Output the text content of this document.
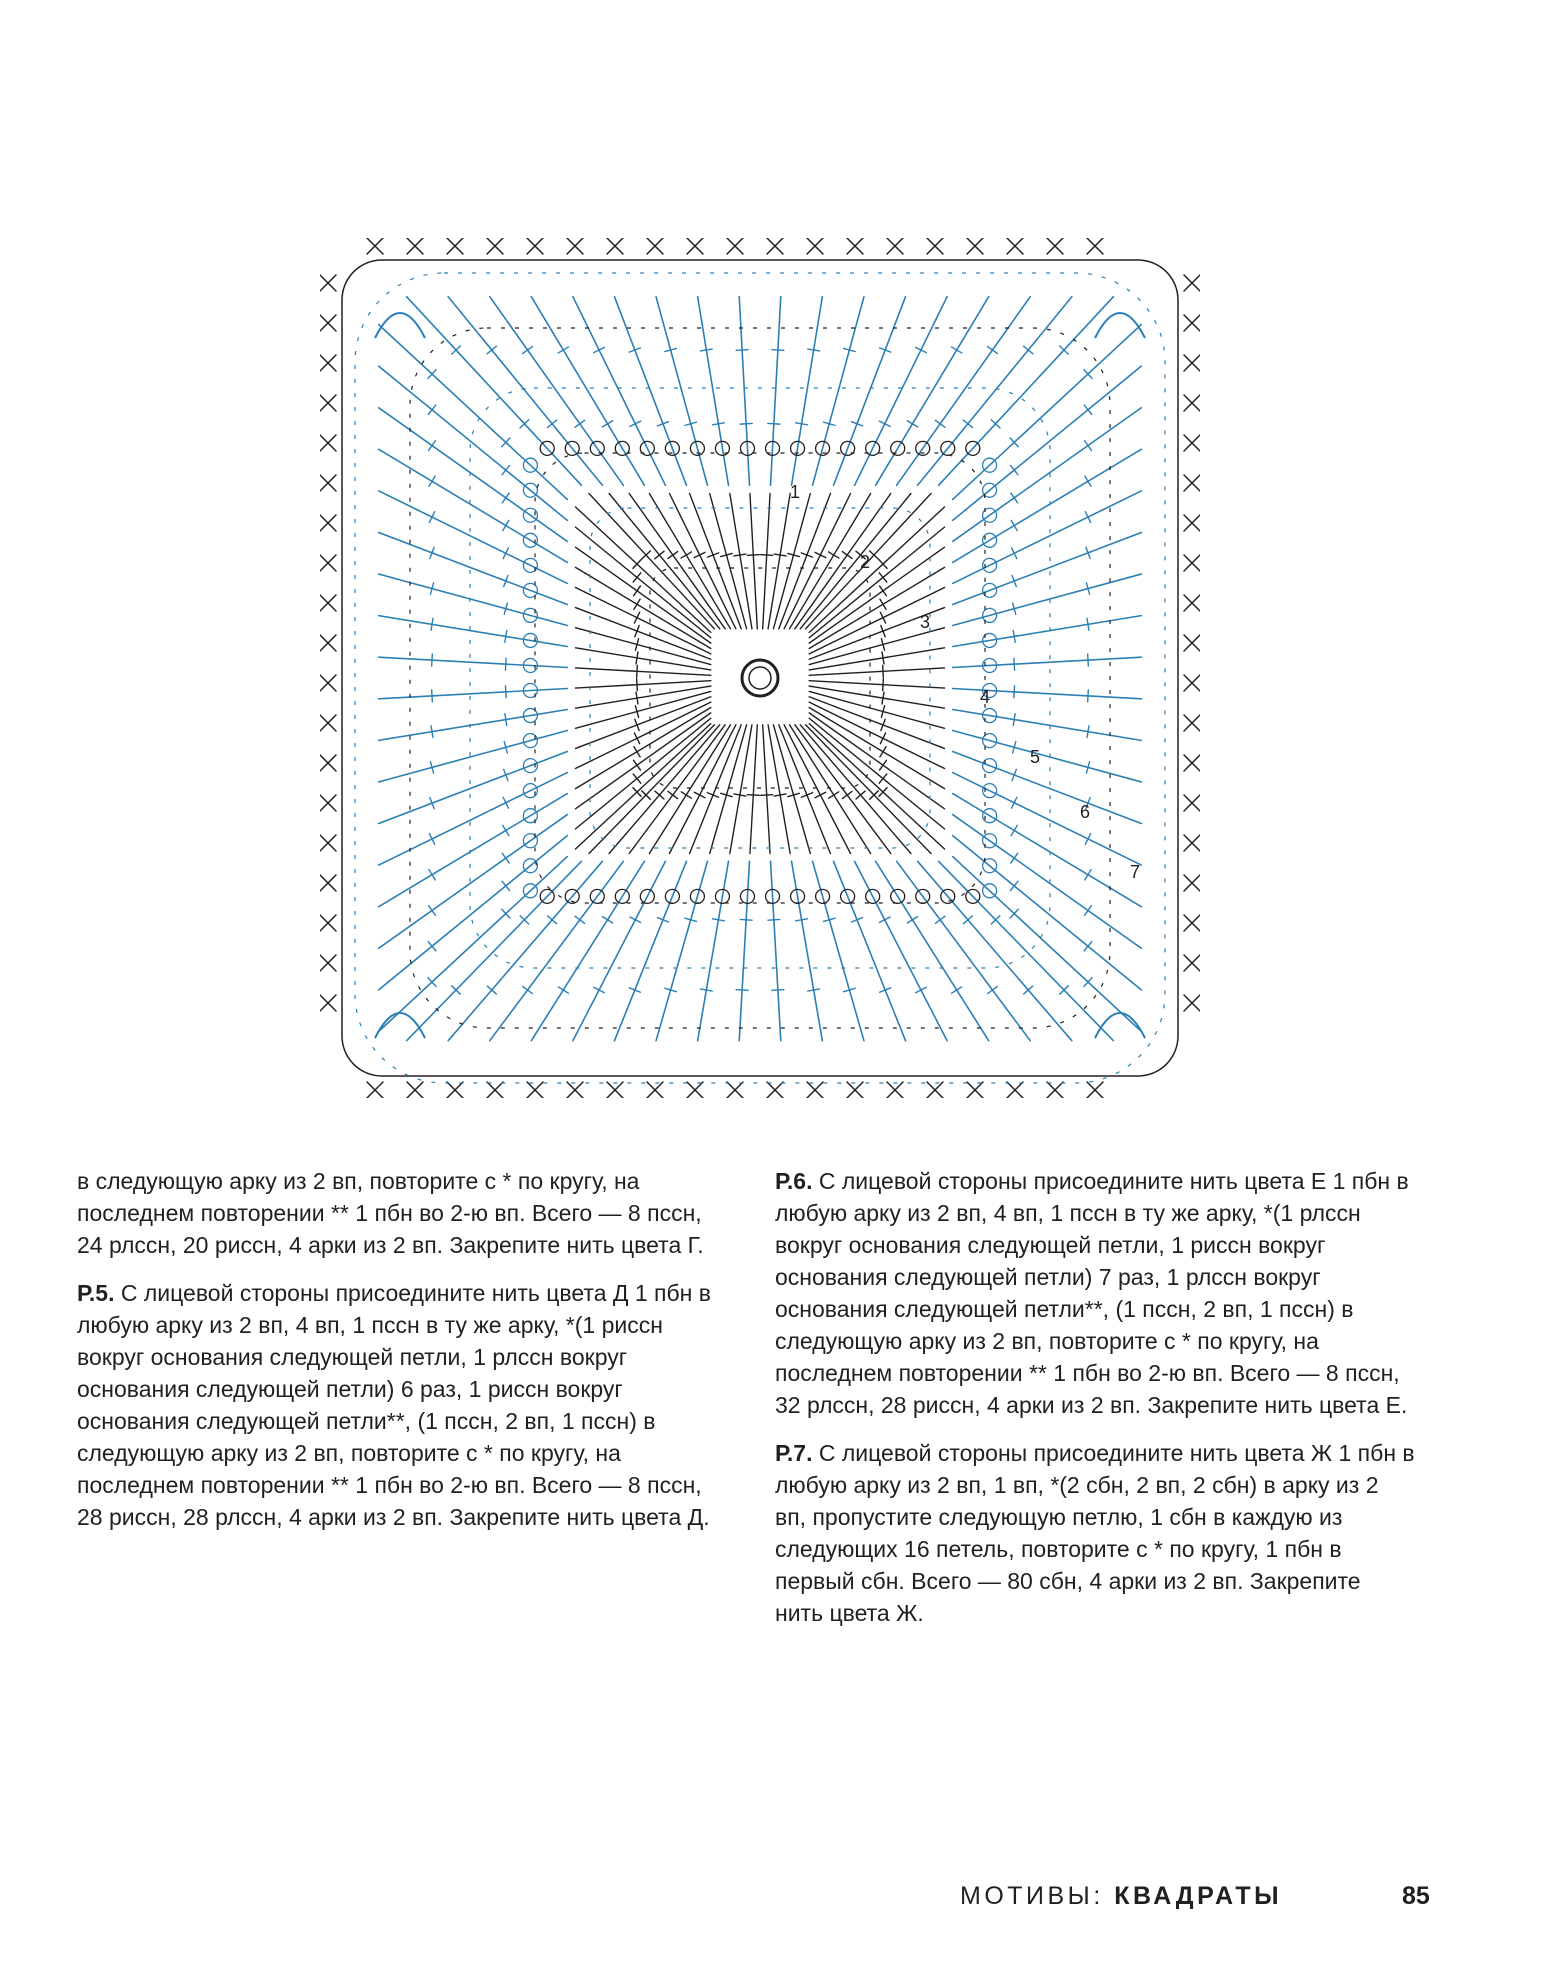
1
2
3
4
5
6
7

в следующую арку из 2 вп, повторите с * по кругу, на последнем повторении ** 1 пбн во 2-ю вп. Всего — 8 пссн, 24 рлссн, 20 риссн, 4 арки из 2 вп. Закрепите нить цвета Г.

Р.5. С лицевой стороны присоедините нить цвета Д 1 пбн в любую арку из 2 вп, 4 вп, 1 пссн в ту же арку, *(1 риссн вокруг основания следующей петли, 1 рлссн вокруг основания следующей петли) 6 раз, 1 риссн вокруг основания следующей петли**, (1 пссн, 2 вп, 1 пссн) в следующую арку из 2 вп, повторите с * по кругу, на последнем повторении ** 1 пбн во 2-ю вп. Всего — 8 пссн, 28 риссн, 28 рлссн, 4 арки из 2 вп. Закрепите нить цвета Д.

Р.6. С лицевой стороны присоедините нить цвета Е 1 пбн в любую арку из 2 вп, 4 вп, 1 пссн в ту же арку, *(1 рлссн вокруг основания следующей петли, 1 риссн вокруг основания следующей петли) 7 раз, 1 рлссн вокруг основания следующей петли**, (1 пссн, 2 вп, 1 пссн) в следующую арку из 2 вп, повторите с * по кругу, на последнем повторении ** 1 пбн во 2-ю вп. Всего — 8 пссн, 32 рлссн, 28 риссн, 4 арки из 2 вп. Закрепите нить цвета Е.

Р.7. С лицевой стороны присоедините нить цвета Ж 1 пбн в любую арку из 2 вп, 1 вп, *(2 сбн, 2 вп, 2 сбн) в арку из 2 вп, пропустите следующую петлю, 1 сбн в каждую из следующих 16 петель, повторите с * по кругу, 1 пбн в первый сбн. Всего — 80 сбн, 4 арки из 2 вп. Закрепите нить цвета Ж.

МОТИВЫ: КВАДРАТЫ	85
